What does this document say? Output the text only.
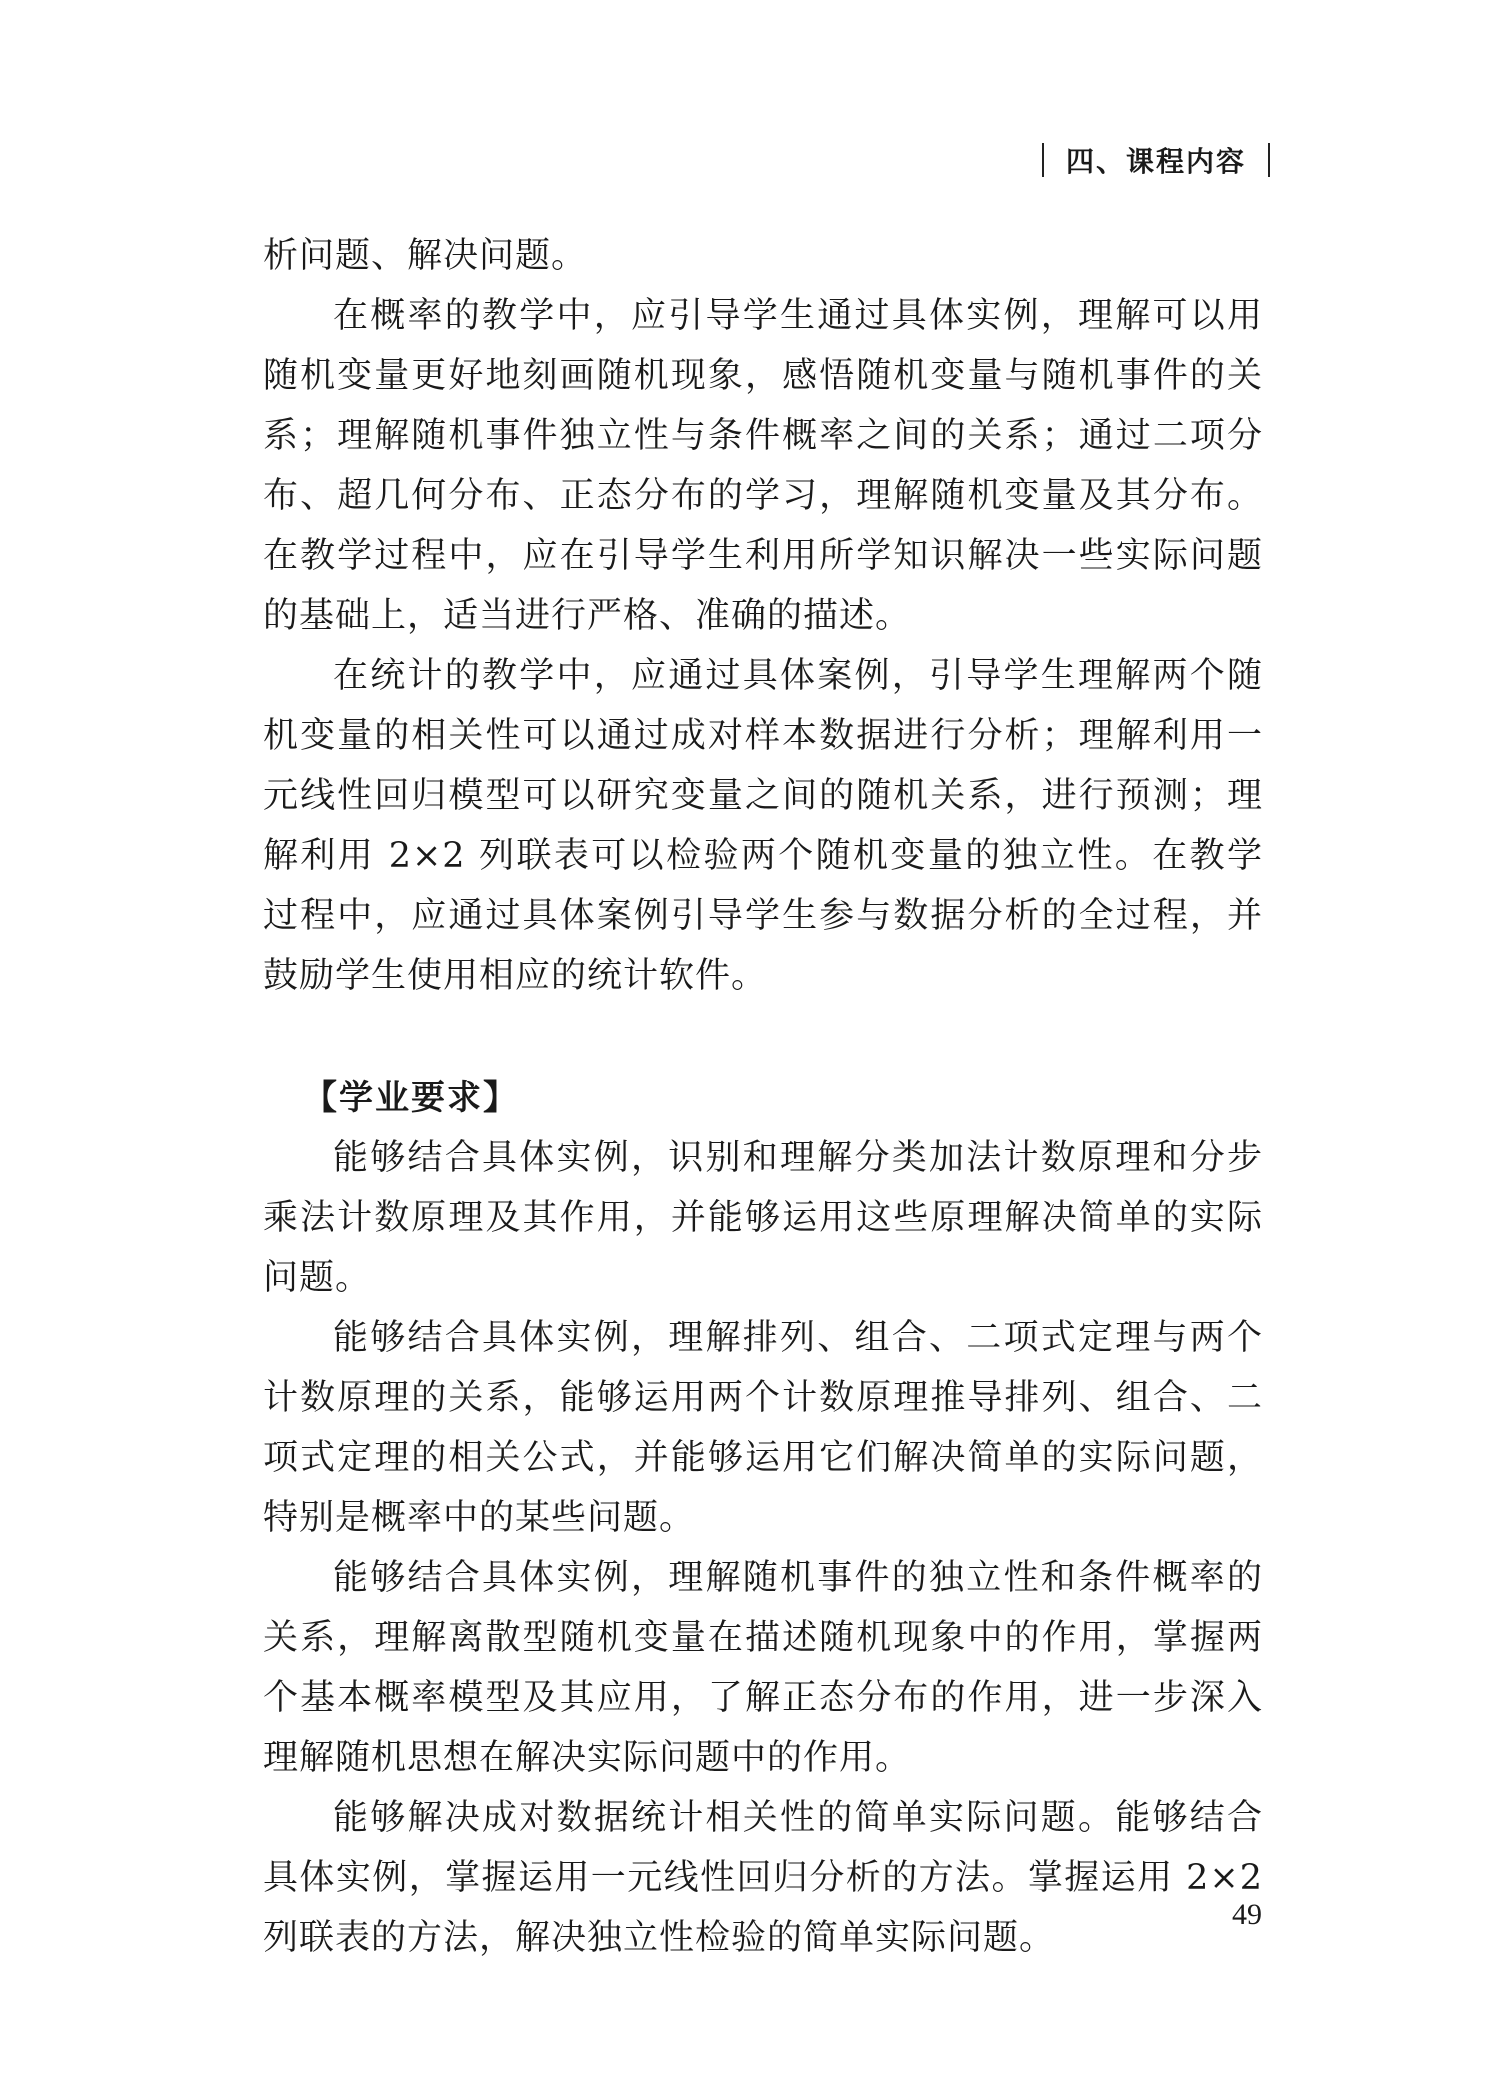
四、课程内容

析问题、解决问题。

在概率的教学中，应引导学生通过具体实例，理解可以用随机变量更好地刻画随机现象，感悟随机变量与随机事件的关系；理解随机事件独立性与条件概率之间的关系；通过二项分布、超几何分布、正态分布的学习，理解随机变量及其分布。在教学过程中，应在引导学生利用所学知识解决一些实际问题的基础上，适当进行严格、准确的描述。

在统计的教学中，应通过具体案例，引导学生理解两个随机变量的相关性可以通过成对样本数据进行分析；理解利用一元线性回归模型可以研究变量之间的随机关系，进行预测；理解利用 2×2 列联表可以检验两个随机变量的独立性。在教学过程中，应通过具体案例引导学生参与数据分析的全过程，并鼓励学生使用相应的统计软件。

【学业要求】

能够结合具体实例，识别和理解分类加法计数原理和分步乘法计数原理及其作用，并能够运用这些原理解决简单的实际问题。

能够结合具体实例，理解排列、组合、二项式定理与两个计数原理的关系，能够运用两个计数原理推导排列、组合、二项式定理的相关公式，并能够运用它们解决简单的实际问题，特别是概率中的某些问题。

能够结合具体实例，理解随机事件的独立性和条件概率的关系，理解离散型随机变量在描述随机现象中的作用，掌握两个基本概率模型及其应用，了解正态分布的作用，进一步深入理解随机思想在解决实际问题中的作用。

能够解决成对数据统计相关性的简单实际问题。能够结合具体实例，掌握运用一元线性回归分析的方法。掌握运用 2×2 列联表的方法，解决独立性检验的简单实际问题。

49
